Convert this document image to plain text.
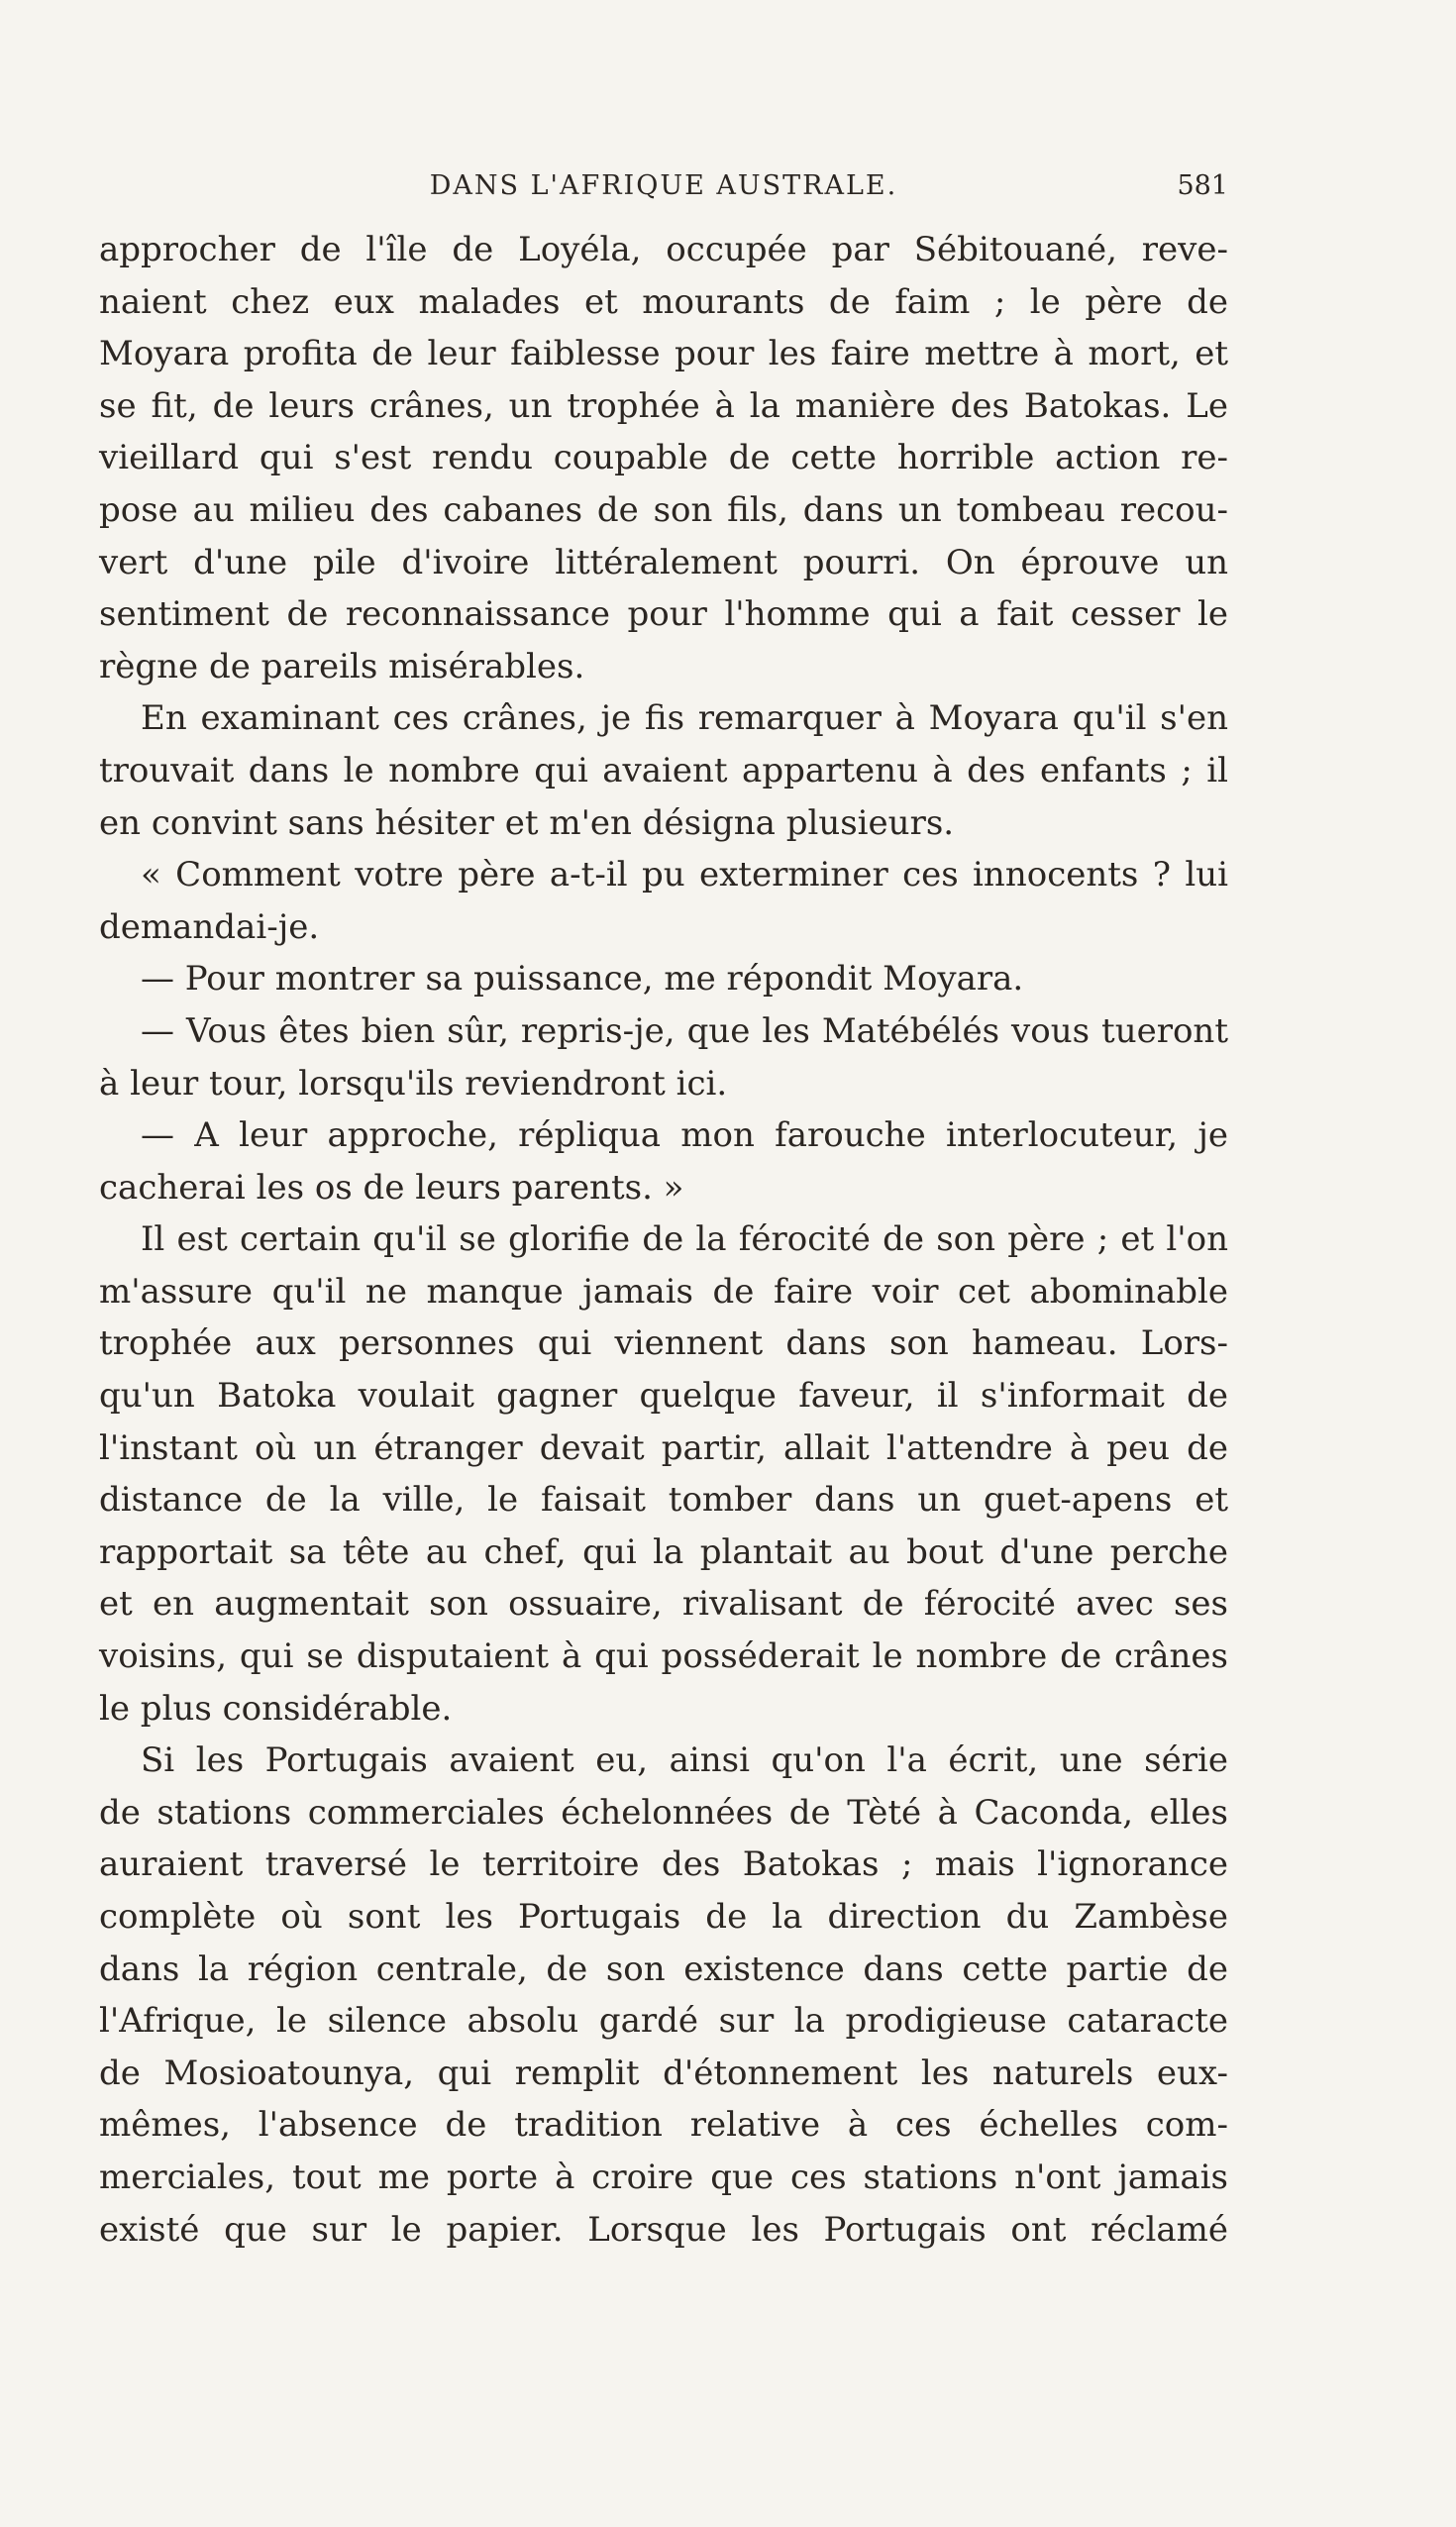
DANS L'AFRIQUE AUSTRALE.	581

approcher de l'île de Loyéla, occupée par Sébitouané, reve-
naient chez eux malades et mourants de faim ; le père de
Moyara profita de leur faiblesse pour les faire mettre à mort, et
se fit, de leurs crânes, un trophée à la manière des Batokas. Le
vieillard qui s'est rendu coupable de cette horrible action re-
pose au milieu des cabanes de son fils, dans un tombeau recou-
vert d'une pile d'ivoire littéralement pourri. On éprouve un
sentiment de reconnaissance pour l'homme qui a fait cesser le
règne de pareils misérables.

En examinant ces crânes, je fis remarquer à Moyara qu'il s'en
trouvait dans le nombre qui avaient appartenu à des enfants ; il
en convint sans hésiter et m'en désigna plusieurs.

« Comment votre père a-t-il pu exterminer ces innocents ? lui
demandai-je.

— Pour montrer sa puissance, me répondit Moyara.

— Vous êtes bien sûr, repris-je, que les Matébélés vous tueront
à leur tour, lorsqu'ils reviendront ici.

— A leur approche, répliqua mon farouche interlocuteur, je
cacherai les os de leurs parents. »

Il est certain qu'il se glorifie de la férocité de son père ; et l'on
m'assure qu'il ne manque jamais de faire voir cet abominable
trophée aux personnes qui viennent dans son hameau. Lors-
qu'un Batoka voulait gagner quelque faveur, il s'informait de
l'instant où un étranger devait partir, allait l'attendre à peu de
distance de la ville, le faisait tomber dans un guet-apens et
rapportait sa tête au chef, qui la plantait au bout d'une perche
et en augmentait son ossuaire, rivalisant de férocité avec ses
voisins, qui se disputaient à qui posséderait le nombre de crânes
le plus considérable.

Si les Portugais avaient eu, ainsi qu'on l'a écrit, une série
de stations commerciales échelonnées de Tèté à Caconda, elles
auraient traversé le territoire des Batokas ; mais l'ignorance
complète où sont les Portugais de la direction du Zambèse
dans la région centrale, de son existence dans cette partie de
l'Afrique, le silence absolu gardé sur la prodigieuse cataracte
de Mosioatounya, qui remplit d'étonnement les naturels eux-
mêmes, l'absence de tradition relative à ces échelles com-
merciales, tout me porte à croire que ces stations n'ont jamais
existé que sur le papier. Lorsque les Portugais ont réclamé
